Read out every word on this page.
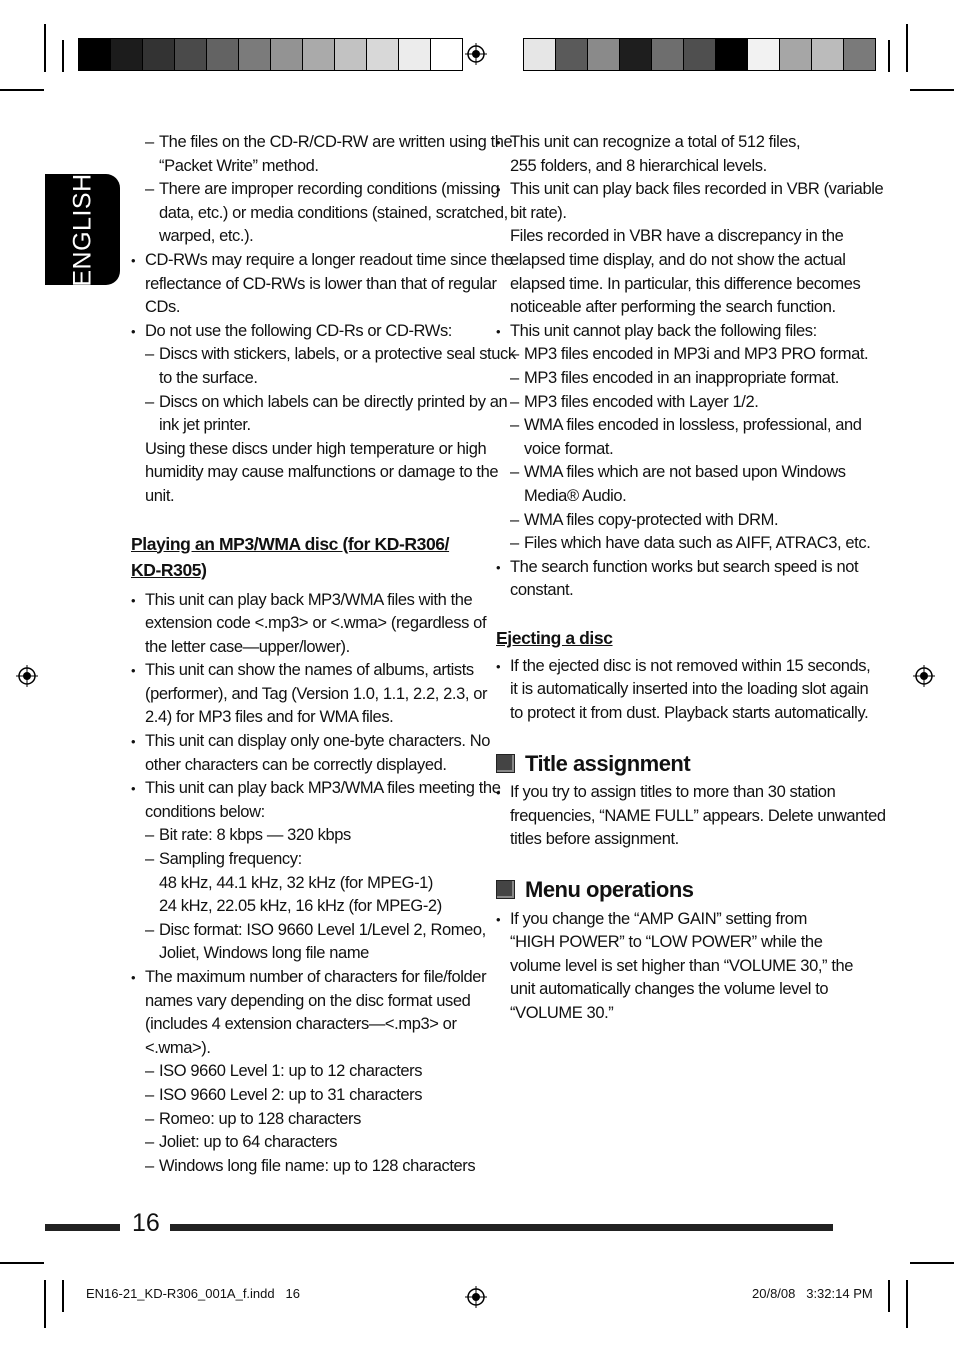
ENGLISH
– The files on the CD-R/CD-RW are written using the
“Packet Write” method.
– There are improper recording conditions (missing
data, etc.) or media conditions (stained, scratched,
warped, etc.).
• CD-RWs may require a longer readout time since the
reflectance of CD-RWs is lower than that of regular
CDs.
• Do not use the following CD-Rs or CD-RWs:
– Discs with stickers, labels, or a protective seal stuck
to the surface.
– Discs on which labels can be directly printed by an
ink jet printer.
Using these discs under high temperature or high
humidity may cause malfunctions or damage to the
unit.
Playing an MP3/WMA disc (for KD-R306/
KD-R305)
• This unit can play back MP3/WMA files with the
extension code <.mp3> or <.wma> (regardless of
the letter case—upper/lower).
• This unit can show the names of albums, artists
(performer), and Tag (Version 1.0, 1.1, 2.2, 2.3, or
2.4) for MP3 files and for WMA files.
• This unit can display only one-byte characters. No
other characters can be correctly displayed.
• This unit can play back MP3/WMA files meeting the
conditions below:
– Bit rate: 8 kbps — 320 kbps
– Sampling frequency:
48 kHz, 44.1 kHz, 32 kHz (for MPEG-1)
24 kHz, 22.05 kHz, 16 kHz (for MPEG-2)
– Disc format: ISO 9660 Level 1/Level 2, Romeo,
Joliet, Windows long file name
• The maximum number of characters for file/folder
names vary depending on the disc format used
(includes 4 extension characters—<.mp3> or
<.wma>).
– ISO 9660 Level 1: up to 12 characters
– ISO 9660 Level 2: up to 31 characters
– Romeo: up to 128 characters
– Joliet: up to 64 characters
– Windows long file name: up to 128 characters
• This unit can recognize a total of 512 files,
255 folders, and 8 hierarchical levels.
• This unit can play back files recorded in VBR (variable
bit rate).
Files recorded in VBR have a discrepancy in the
elapsed time display, and do not show the actual
elapsed time. In particular, this difference becomes
noticeable after performing the search function.
• This unit cannot play back the following files:
– MP3 files encoded in MP3i and MP3 PRO format.
– MP3 files encoded in an inappropriate format.
– MP3 files encoded with Layer 1/2.
– WMA files encoded in lossless, professional, and
voice format.
– WMA files which are not based upon Windows
Media® Audio.
– WMA files copy-protected with DRM.
– Files which have data such as AIFF, ATRAC3, etc.
• The search function works but search speed is not
constant.
Ejecting a disc
• If the ejected disc is not removed within 15 seconds,
it is automatically inserted into the loading slot again
to protect it from dust. Playback starts automatically.
Title assignment
• If you try to assign titles to more than 30 station
frequencies, “NAME FULL” appears. Delete unwanted
titles before assignment.
Menu operations
• If you change the “AMP GAIN” setting from
“HIGH POWER” to “LOW POWER” while the
volume level is set higher than “VOLUME 30,” the
unit automatically changes the volume level to
“VOLUME 30.”
16
EN16-21_KD-R306_001A_f.indd   16	20/8/08   3:32:14 PM
